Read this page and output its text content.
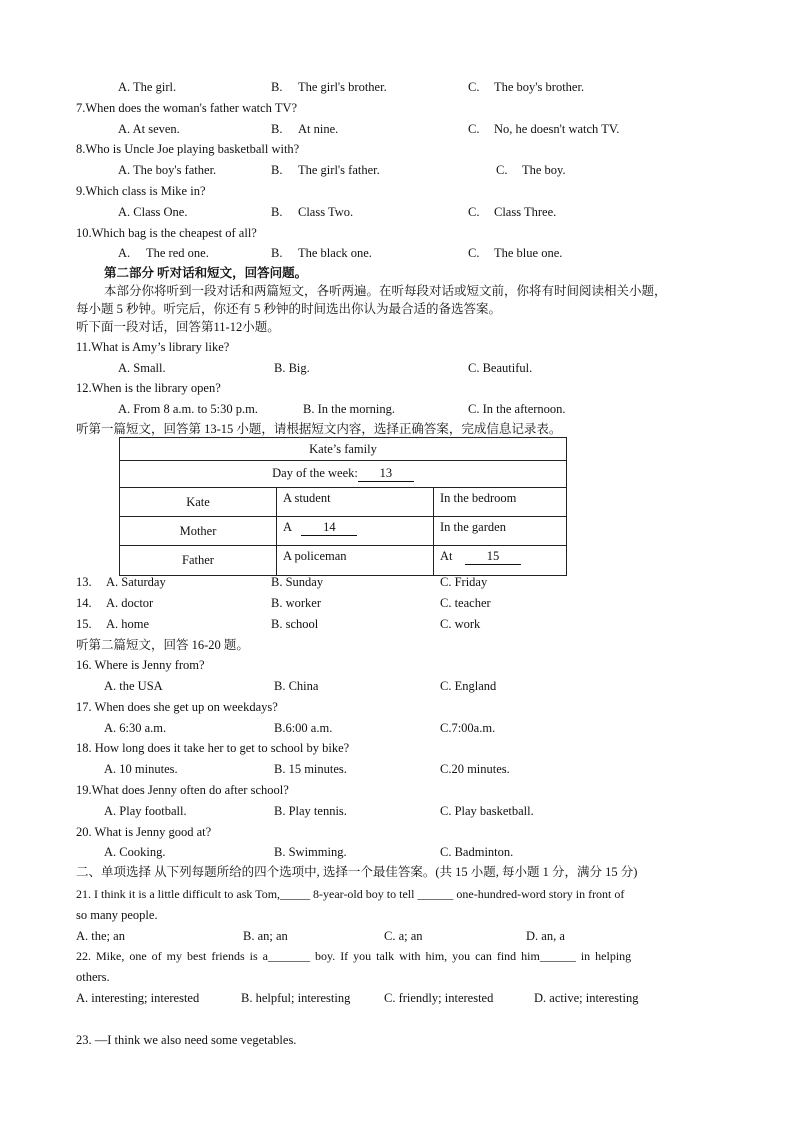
A. The girl.	B. The girl's brother.	C. The boy's brother.
7.When does the woman's father watch TV?
A. At seven.	B. At nine.	C. No, he doesn't watch TV.
8.Who is Uncle Joe playing basketball with?
A. The boy's father.	B. The girl's father.	C. The boy.
9.Which class is Mike in?
A. Class One.	B. Class Two.	C. Class Three.
10.Which bag is the cheapest of all?
A. The red one.	B. The black one.	C. The blue one.
第二部分 听对话和短文，回答问题。
本部分你将听到一段对话和两篇短文，各听两遍。在听每段对话或短文前，你将有时间阅读相关小题，
每小题 5 秒钟。听完后，你还有 5 秒钟的时间选出你认为最合适的备选答案。
听下面一段对话，回答第11-12小题。
11.What is Amy’s library like?
A. Small.	B. Big.	C. Beautiful.
12.When is the library open?
A. From 8 a.m. to 5:30 p.m.	B. In the morning.	C. In the afternoon.
听第一篇短文，回答第 13-15 小题，请根据短文内容，选择正确答案，完成信息记录表。
Kate’s family		
Day of the week: 13		
Kate	A student	In the bedroom
Mother	A 14	In the garden
Father	A policeman	At 15
13. A. Saturday	B. Sunday	C. Friday
14. A. doctor	B. worker	C. teacher
15. A. home	B. school	C. work
听第二篇短文，回答 16-20 题。
16. Where is Jenny from?
A. the USA	B. China	C. England
17. When does she get up on weekdays?
A. 6:30 a.m.	B.6:00 a.m.	C.7:00a.m.
18. How long does it take her to get to school by bike?
A. 10 minutes.	B. 15 minutes.	C.20 minutes.
19.What does Jenny often do after school?
A. Play football.	B. Play tennis.	C. Play basketball.
20. What is Jenny good at?
A. Cooking.	B. Swimming.	C. Badminton.
二、单项选择 从下列每题所给的四个选项中, 选择一个最佳答案。(共 15 小题, 每小题 1 分，满分 15 分)
21. I think it is a little difficult to ask Tom,_____ 8-year-old boy to tell ______ one-hundred-word story in front of
so many people.
A. the; an	B. an; an	C. a; an	D. an, a
22. Mike, one of my best friends is a_______ boy. If you talk with him, you can find him______ in helping
others.
A. interesting; interested	B. helpful; interesting	C. friendly; interested	D. active; interesting
23. —I think we also need some vegetables.
